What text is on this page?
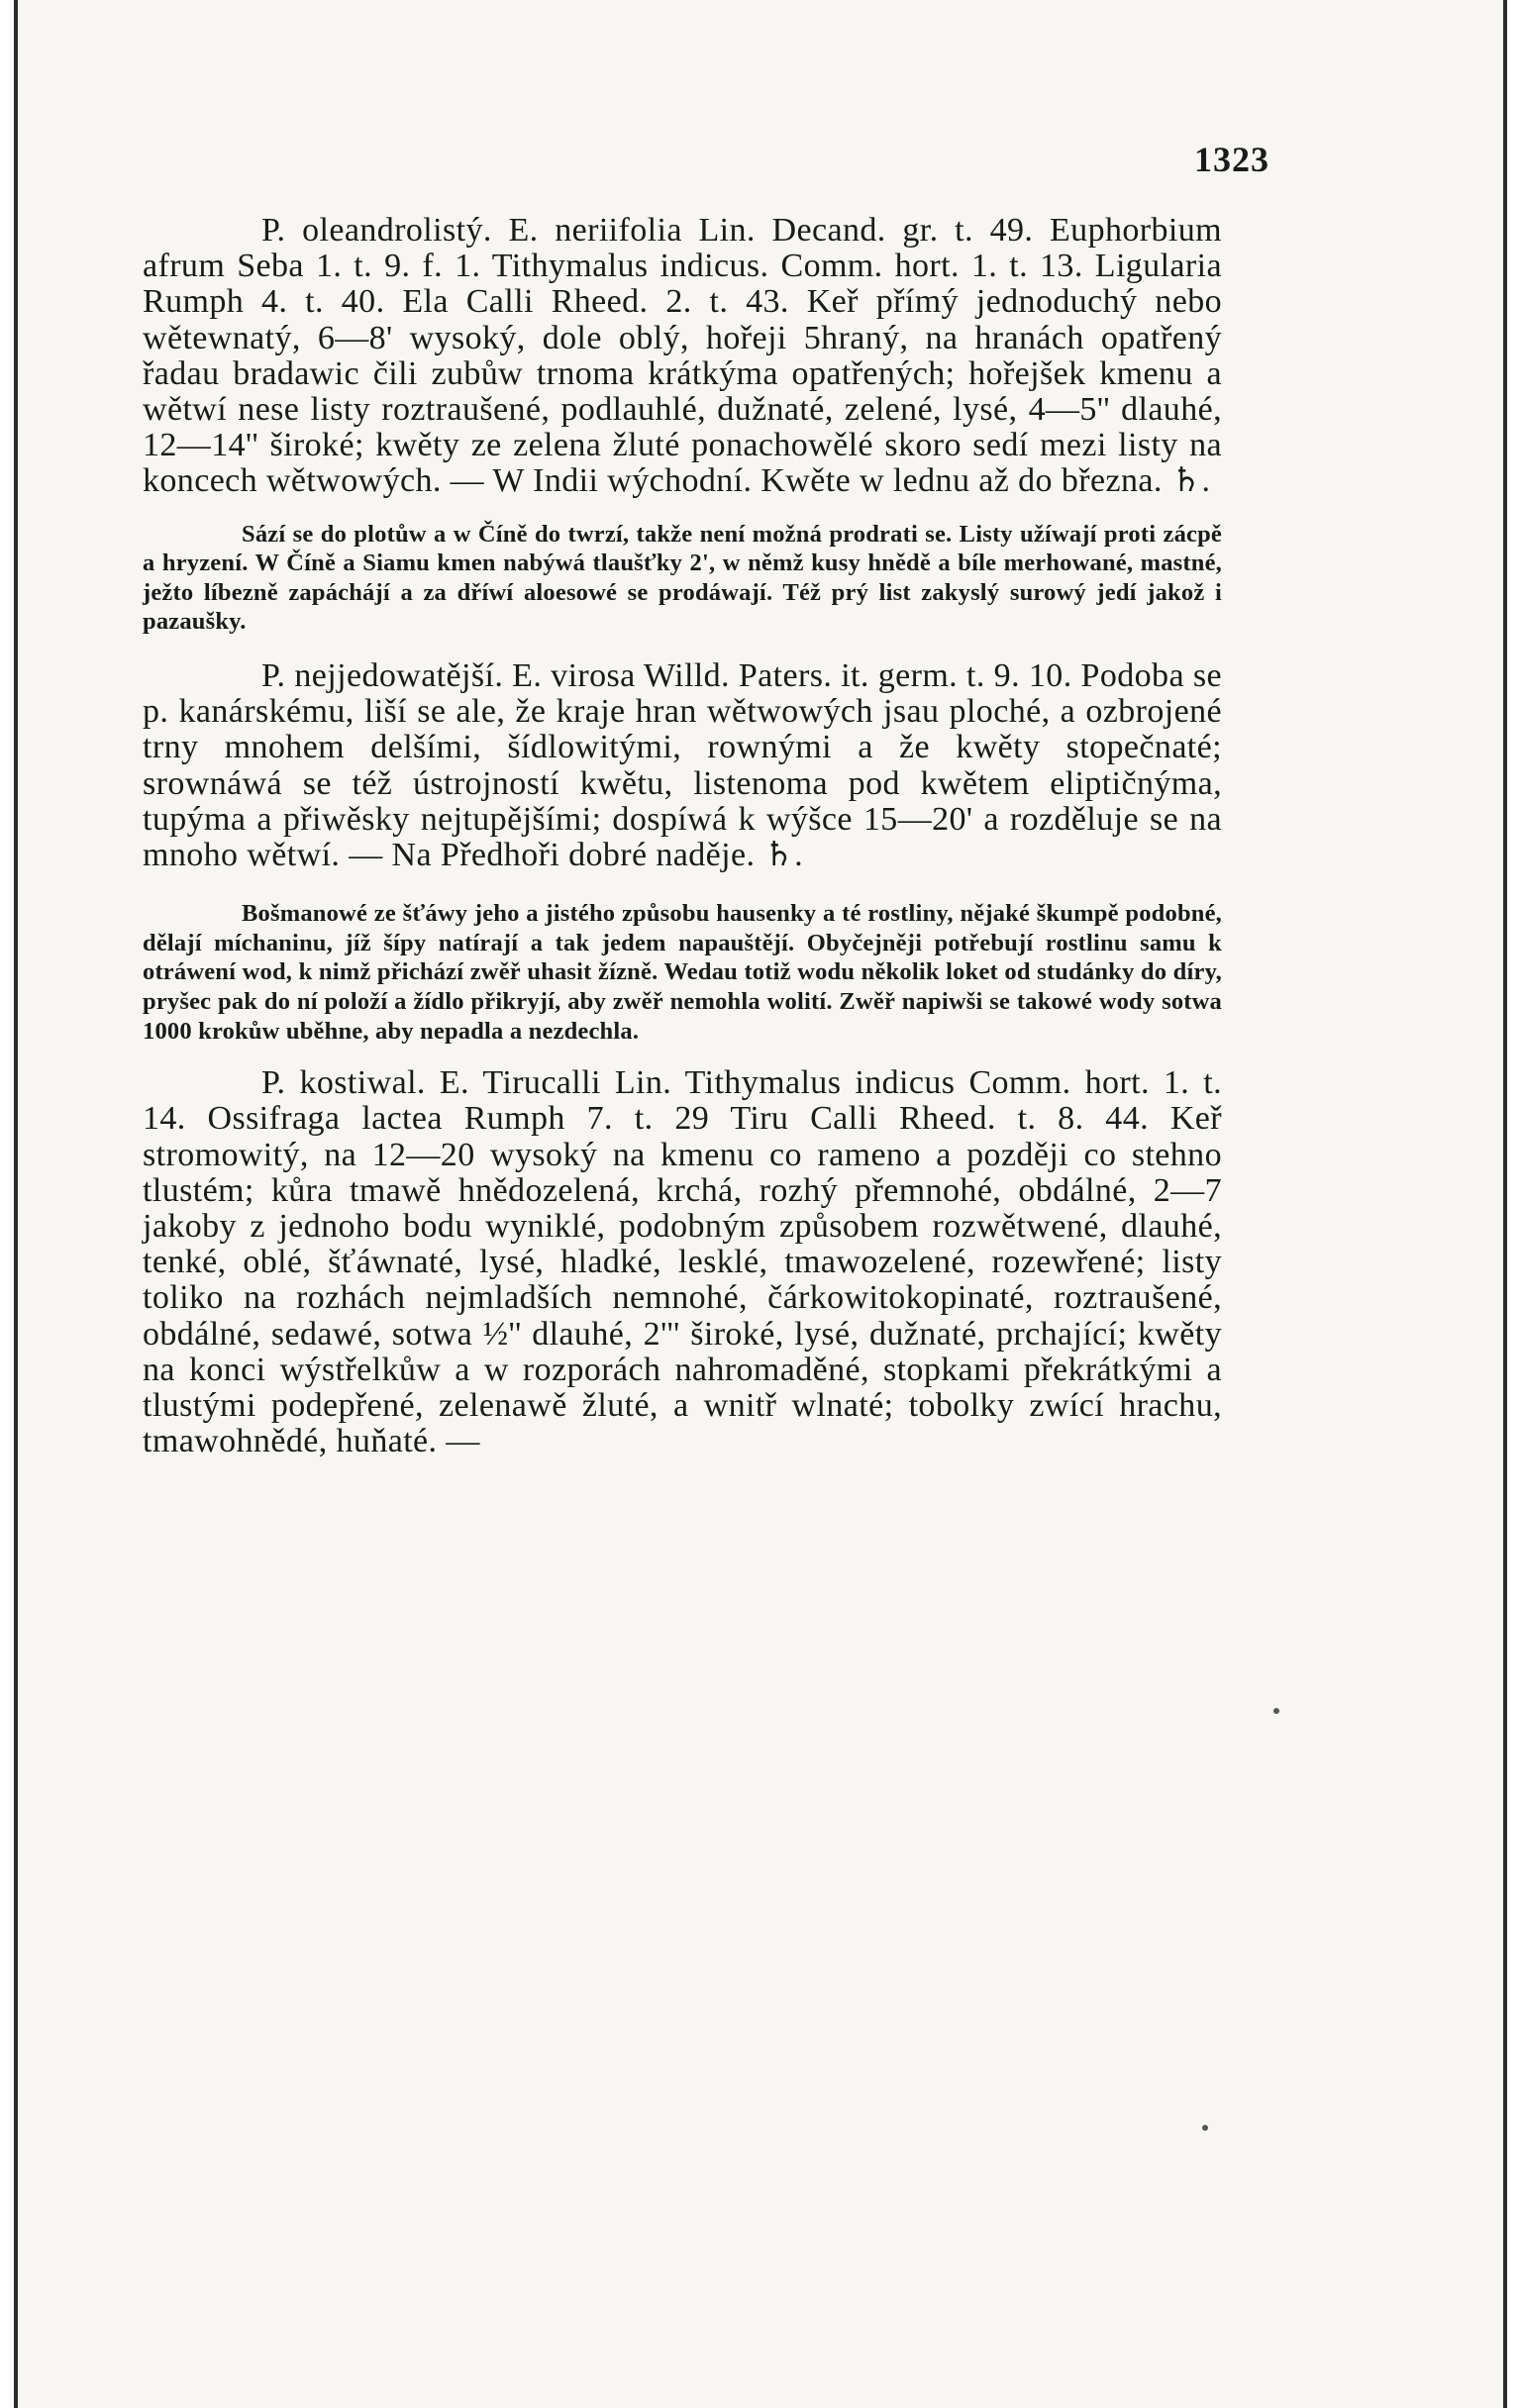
1323

P. oleandrolistý. E. neriifolia Lin. Decand. gr. t. 49. Euphorbium afrum Seba 1. t. 9. f. 1. Tithymalus indicus. Comm. hort. 1. t. 13. Ligularia Rumph 4. t. 40. Ela Calli Rheed. 2. t. 43. Keř přímý jednoduchý nebo wětewnatý, 6—8' wysoký, dole oblý, hořeji 5hraný, na hranách opatřený řadau bradawic čili zubůw trnoma krátkýma opatřených; hořejšek kmenu a wětwí nese listy roztraušené, podlauhlé, dužnaté, zelené, lysé, 4—5'' dlauhé, 12—14'' široké; kwěty ze zelena žluté ponachowělé skoro sedí mezi listy na koncech wětwowých. — W Indii wýchodní. Kwěte w lednu až do března. ♄.

Sází se do plotůw a w Číně do twrzí, takže není možná prodrati se. Listy užíwají proti zácpě a hryzení. W Číně a Siamu kmen nabýwá tlaušťky 2', w němž kusy hnědě a bíle merhowané, mastné, ježto líbezně zapáchájí a za dříwí aloesowé se prodáwají. Též prý list zakyslý surowý jedí jakož i pazaušky.

P. nejjedowatější. E. virosa Willd. Paters. it. germ. t. 9. 10. Podoba se p. kanárskému, liší se ale, že kraje hran wětwowých jsau ploché, a ozbrojené trny mnohem delšími, šídlowitými, rownými a že kwěty stopečnaté; srownáwá se též ústrojností kwětu, listenoma pod kwětem eliptičnýma, tupýma a přiwěsky nejtupějšími; dospíwá k wýšce 15—20' a rozděluje se na mnoho wětwí. — Na Předhoři dobré naděje. ♄.

Bošmanowé ze šťáwy jeho a jistého způsobu hausenky a té rostliny, nějaké škumpě podobné, dělají míchaninu, jíž šípy natírají a tak jedem napauštějí. Obyčejněji potřebují rostlinu samu k otráwení wod, k nimž přichází zwěř uhasit žízně. Wedau totiž wodu několik loket od studánky do díry, pryšec pak do ní položí a žídlo přikryjí, aby zwěř nemohla wolití. Zwěř napiwši se takowé wody sotwa 1000 krokůw uběhne, aby nepadla a nezdechla.

P. kostiwal. E. Tirucalli Lin. Tithymalus indicus Comm. hort. 1. t. 14. Ossifraga lactea Rumph 7. t. 29 Tiru Calli Rheed. t. 8. 44. Keř stromowitý, na 12—20 wysoký na kmenu co rameno a později co stehno tlustém; kůra tmawě hnědozelená, krchá, rozhý přemnohé, obdálné, 2—7 jakoby z jednoho bodu wyniklé, podobným způsobem rozwětwené, dlauhé, tenké, oblé, šťáwnaté, lysé, hladké, lesklé, tmawozelené, rozewřené; listy toliko na rozhách nejmladších nemnohé, čárkowitokopinaté, roztraušené, obdálné, sedawé, sotwa ½'' dlauhé, 2''' široké, lysé, dužnaté, prchající; kwěty na konci wýstřelkůw a w rozporách nahromaděné, stopkami překrátkými a tlustými podepřené, zelenawě žluté, a wnitř wlnaté; tobolky zwící hrachu, tmawohnědé, huňaté. —
